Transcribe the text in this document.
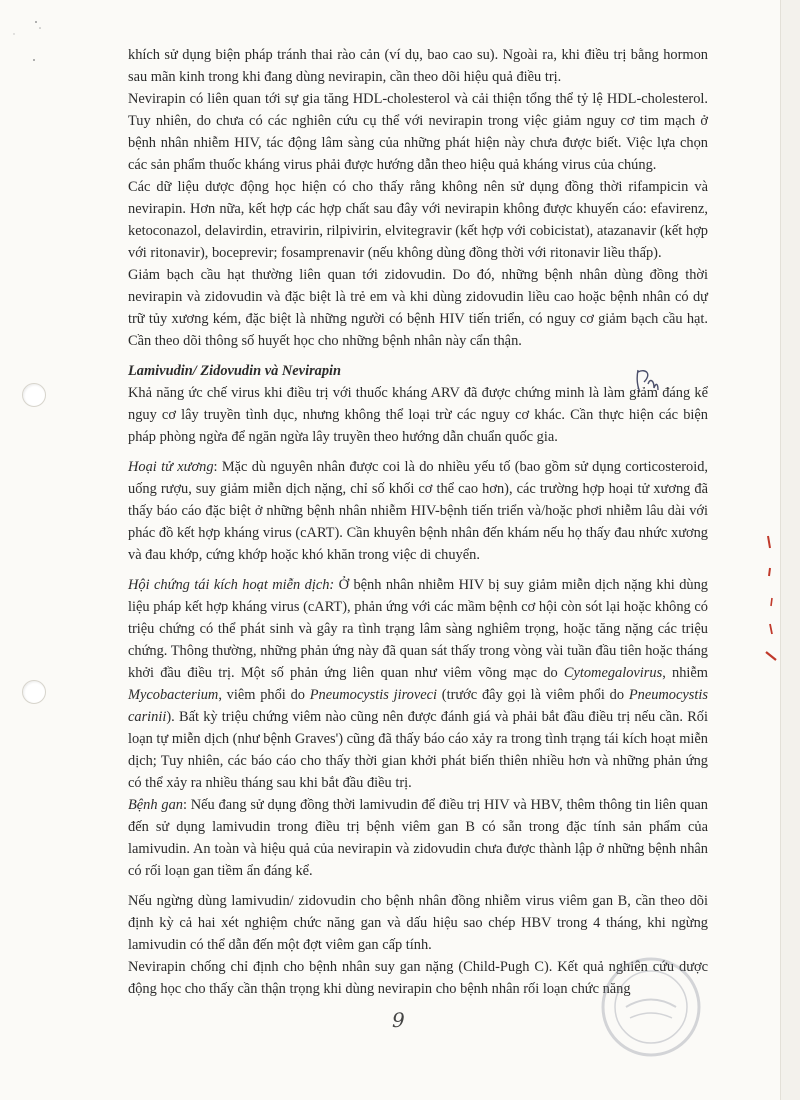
khích sử dụng biện pháp tránh thai rào cản (ví dụ, bao cao su). Ngoài ra, khi điều trị bằng hormon sau mãn kinh trong khi đang dùng nevirapin, cần theo dõi hiệu quả điều trị.

Nevirapin có liên quan tới sự gia tăng HDL-cholesterol và cải thiện tổng thể tỷ lệ HDL-cholesterol. Tuy nhiên, do chưa có các nghiên cứu cụ thể với nevirapin trong việc giảm nguy cơ tim mạch ở bệnh nhân nhiễm HIV, tác động lâm sàng của những phát hiện này chưa được biết. Việc lựa chọn các sản phẩm thuốc kháng virus phải được hướng dẫn theo hiệu quả kháng virus của chúng.

Các dữ liệu dược động học hiện có cho thấy rằng không nên sử dụng đồng thời rifampicin và nevirapin. Hơn nữa, kết hợp các hợp chất sau đây với nevirapin không được khuyến cáo: efavirenz, ketoconazol, delavirdin, etravirin, rilpivirin, elvitegravir (kết hợp với cobicistat), atazanavir (kết hợp với ritonavir), boceprevir; fosamprenavir (nếu không dùng đồng thời với ritonavir liều thấp).

Giảm bạch cầu hạt thường liên quan tới zidovudin. Do đó, những bệnh nhân dùng đồng thời nevirapin và zidovudin và đặc biệt là trẻ em và khi dùng zidovudin liều cao hoặc bệnh nhân có dự trữ tủy xương kém, đặc biệt là những người có bệnh HIV tiến triển, có nguy cơ giảm bạch cầu hạt. Cần theo dõi thông số huyết học cho những bệnh nhân này cẩn thận.

Lamivudin/ Zidovudin và Nevirapin

Khả năng ức chế virus khi điều trị với thuốc kháng ARV đã được chứng minh là làm giảm đáng kể nguy cơ lây truyền tình dục, nhưng không thể loại trừ các nguy cơ khác. Cần thực hiện các biện pháp phòng ngừa để ngăn ngừa lây truyền theo hướng dẫn chuẩn quốc gia.

Hoại tử xương: Mặc dù nguyên nhân được coi là do nhiều yếu tố (bao gồm sử dụng corticosteroid, uống rượu, suy giảm miễn dịch nặng, chỉ số khối cơ thể cao hơn), các trường hợp hoại tử xương đã thấy báo cáo đặc biệt ở những bệnh nhân nhiễm HIV-bệnh tiến triển và/hoặc phơi nhiễm lâu dài với phác đồ kết hợp kháng virus (cART). Cần khuyên bệnh nhân đến khám nếu họ thấy đau nhức xương và đau khớp, cứng khớp hoặc khó khăn trong việc di chuyển.

Hội chứng tái kích hoạt miễn dịch: Ở bệnh nhân nhiễm HIV bị suy giảm miễn dịch nặng khi dùng liệu pháp kết hợp kháng virus (cART), phản ứng với các mầm bệnh cơ hội còn sót lại hoặc không có triệu chứng có thể phát sinh và gây ra tình trạng lâm sàng nghiêm trọng, hoặc tăng nặng các triệu chứng. Thông thường, những phản ứng này đã quan sát thấy trong vòng vài tuần đầu tiên hoặc tháng khởi đầu điều trị. Một số phản ứng liên quan như viêm võng mạc do Cytomegalovirus, nhiễm Mycobacterium, viêm phổi do Pneumocystis jiroveci (trước đây gọi là viêm phổi do Pneumocystis carinii). Bất kỳ triệu chứng viêm nào cũng nên được đánh giá và phải bắt đầu điều trị nếu cần. Rối loạn tự miễn dịch (như bệnh Graves') cũng đã thấy báo cáo xảy ra trong tình trạng tái kích hoạt miễn dịch; Tuy nhiên, các báo cáo cho thấy thời gian khởi phát biến thiên nhiều hơn và những phản ứng có thể xảy ra nhiều tháng sau khi bắt đầu điều trị.

Bệnh gan: Nếu đang sử dụng đồng thời lamivudin để điều trị HIV và HBV, thêm thông tin liên quan đến sử dụng lamivudin trong điều trị bệnh viêm gan B có sẵn trong đặc tính sản phẩm của lamivudin. An toàn và hiệu quả của nevirapin và zidovudin chưa được thành lập ở những bệnh nhân có rối loạn gan tiềm ẩn đáng kể.

Nếu ngừng dùng lamivudin/ zidovudin cho bệnh nhân đồng nhiễm virus viêm gan B, cần theo dõi định kỳ cả hai xét nghiệm chức năng gan và dấu hiệu sao chép HBV trong 4 tháng, khi ngừng lamivudin có thể dẫn đến một đợt viêm gan cấp tính.

Nevirapin chống chỉ định cho bệnh nhân suy gan nặng (Child-Pugh C). Kết quả nghiên cứu dược động học cho thấy cần thận trọng khi dùng nevirapin cho bệnh nhân rối loạn chức năng

9
